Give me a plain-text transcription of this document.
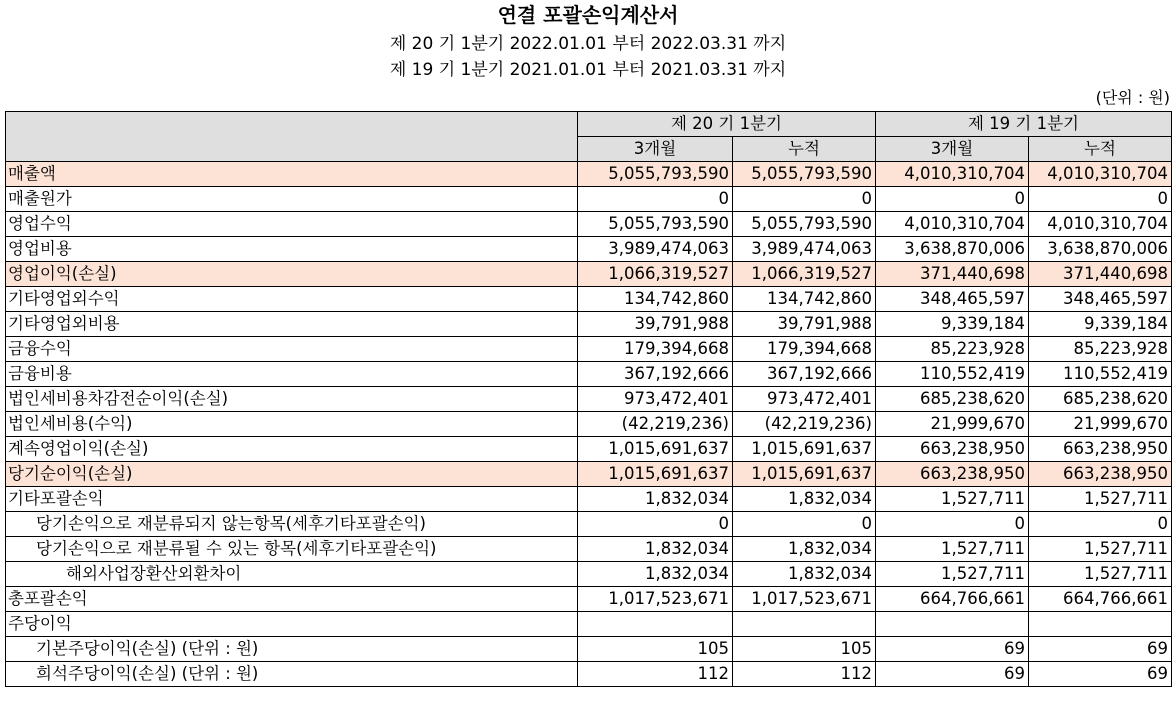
연결 포괄손익계산서
제 20 기 1분기 2022.01.01 부터 2022.03.31 까지
제 19 기 1분기 2021.01.01 부터 2021.03.31 까지
(단위 : 원)
	제 20 기 1분기		제 19 기 1분기	
	3개월	누적	3개월	누적
매출액	5,055,793,590	5,055,793,590	4,010,310,704	4,010,310,704
매출원가	0	0	0	0
영업수익	5,055,793,590	5,055,793,590	4,010,310,704	4,010,310,704
영업비용	3,989,474,063	3,989,474,063	3,638,870,006	3,638,870,006
영업이익(손실)	1,066,319,527	1,066,319,527	371,440,698	371,440,698
기타영업외수익	134,742,860	134,742,860	348,465,597	348,465,597
기타영업외비용	39,791,988	39,791,988	9,339,184	9,339,184
금융수익	179,394,668	179,394,668	85,223,928	85,223,928
금융비용	367,192,666	367,192,666	110,552,419	110,552,419
법인세비용차감전순이익(손실)	973,472,401	973,472,401	685,238,620	685,238,620
법인세비용(수익)	(42,219,236)	(42,219,236)	21,999,670	21,999,670
계속영업이익(손실)	1,015,691,637	1,015,691,637	663,238,950	663,238,950
당기순이익(손실)	1,015,691,637	1,015,691,637	663,238,950	663,238,950
기타포괄손익	1,832,034	1,832,034	1,527,711	1,527,711
당기손익으로 재분류되지 않는항목(세후기타포괄손익)	0	0	0	0
당기손익으로 재분류될 수 있는 항목(세후기타포괄손익)	1,832,034	1,832,034	1,527,711	1,527,711
해외사업장환산외환차이	1,832,034	1,832,034	1,527,711	1,527,711
총포괄손익	1,017,523,671	1,017,523,671	664,766,661	664,766,661
주당이익				
기본주당이익(손실) (단위 : 원)	105	105	69	69
희석주당이익(손실) (단위 : 원)	112	112	69	69
